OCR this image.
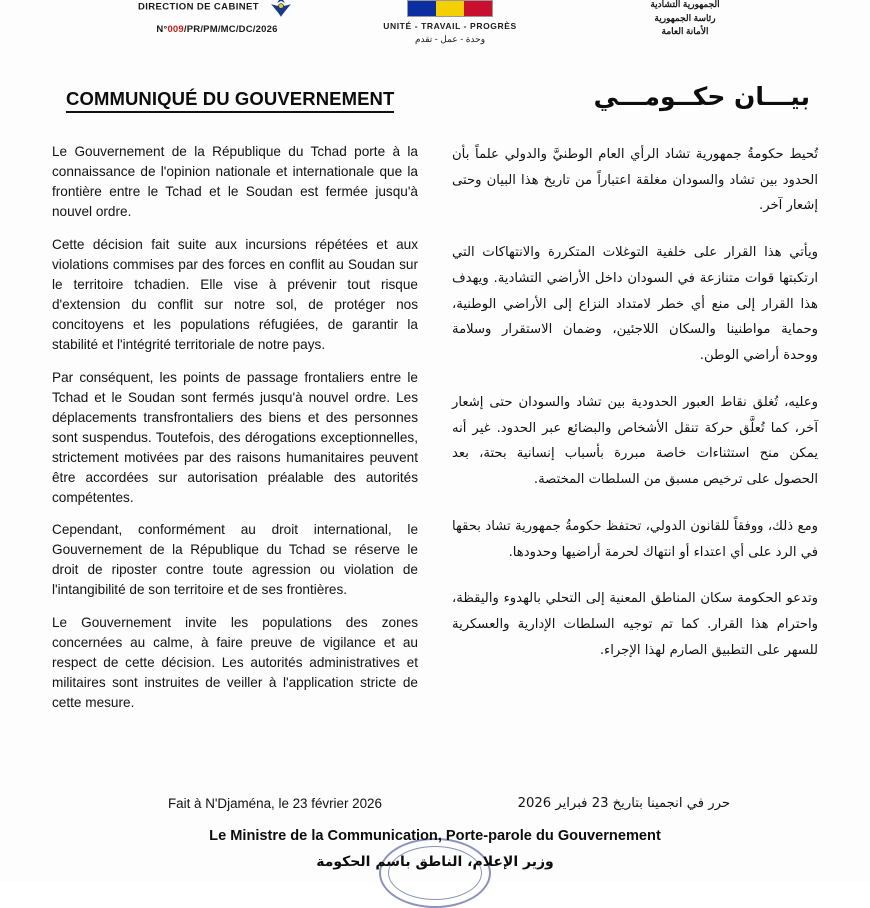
DIRECTION DE CABINET
N°009/PR/PM/MC/DC/2026	UNITÉ - TRAVAIL - PROGRÈS
وحدة - عمل - تقدم
الجمهورية التشادية
رئاسة الجمهورية
الأمانة العامة
COMMUNIQUÉ DU GOUVERNEMENT	بيـــان حكــومـــي

Le Gouvernement de la République du Tchad porte à la connaissance de l'opinion nationale et internationale que la frontière entre le Tchad et le Soudan est fermée jusqu'à nouvel ordre.

Cette décision fait suite aux incursions répétées et aux violations commises par des forces en conflit au Soudan sur le territoire tchadien. Elle vise à prévenir tout risque d'extension du conflit sur notre sol, de protéger nos concitoyens et les populations réfugiées, de garantir la stabilité et l'intégrité territoriale de notre pays.

Par conséquent, les points de passage frontaliers entre le Tchad et le Soudan sont fermés jusqu'à nouvel ordre. Les déplacements transfrontaliers des biens et des personnes sont suspendus. Toutefois, des dérogations exceptionnelles, strictement motivées par des raisons humanitaires peuvent être accordées sur autorisation préalable des autorités compétentes.

Cependant, conformément au droit international, le Gouvernement de la République du Tchad se réserve le droit de riposter contre toute agression ou violation de l'intangibilité de son territoire et de ses frontières.

Le Gouvernement invite les populations des zones concernées au calme, à faire preuve de vigilance et au respect de cette décision. Les autorités administratives et militaires sont instruites de veiller à l'application stricte de cette mesure.

تُحيط حكومةُ جمهورية تشاد الرأي العام الوطنيَّ والدولي علماً بأن الحدود بين تشاد والسودان مغلقة اعتباراً من تاريخ هذا البيان وحتى إشعار آخر.

ويأتي هذا القرار على خلفية التوغلات المتكررة والانتهاكات التي ارتكبتها قوات متنازعة في السودان داخل الأراضي التشادية. ويهدف هذا القرار إلى منع أي خطر لامتداد النزاع إلى الأراضي الوطنية، وحماية مواطنينا والسكان اللاجئين، وضمان الاستقرار وسلامة ووحدة أراضي الوطن.

وعليه، تُغلق نقاط العبور الحدودية بين تشاد والسودان حتى إشعار آخر، كما تُعلَّق حركة تنقل الأشخاص والبضائع عبر الحدود. غير أنه يمكن منح استثناءات خاصة مبررة بأسباب إنسانية بحتة، بعد الحصول على ترخيص مسبق من السلطات المختصة.

ومع ذلك، ووفقاً للقانون الدولي، تحتفظ حكومةُ جمهورية تشاد بحقها في الرد على أي اعتداء أو انتهاك لحرمة أراضيها وحدودها.

وتدعو الحكومة سكان المناطق المعنية إلى التحلي بالهدوء واليقظة، واحترام هذا القرار. كما تم توجيه السلطات الإدارية والعسكرية للسهر على التطبيق الصارم لهذا الإجراء.

Fait à N'Djaména, le 23 février 2026	حرر في انجمينا بتاريخ 23 فبراير 2026
Le Ministre de la Communication, Porte-parole du Gouvernement
وزير الإعلام، الناطق باسم الحكومة
